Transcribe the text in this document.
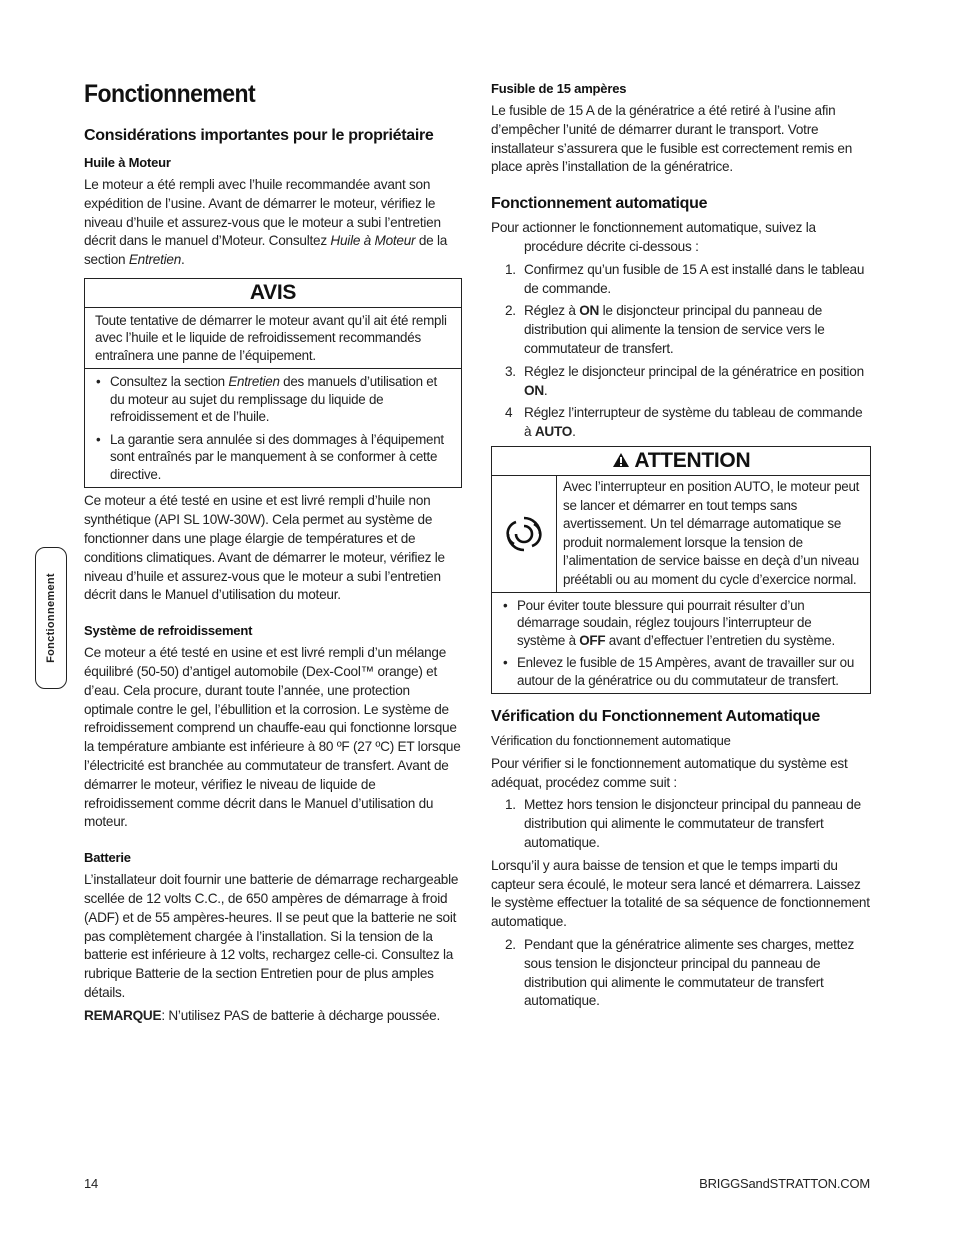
Fonctionnement
Considérations importantes pour le propriétaire
Huile à Moteur

Le moteur a été rempli avec l’huile recommandée avant son expédition de l’usine. Avant de démarrer le moteur, vérifiez le niveau d’huile et assurez-vous que le moteur a subi l’entretien décrit dans le manuel d’Moteur. Consultez Huile à Moteur de la section Entretien.

AVIS
Toute tentative de démarrer le moteur avant qu’il ait été rempli avec l’huile et le liquide de refroidissement recommandés entraînera une panne de l’équipement.
• Consultez la section Entretien des manuels d’utilisation et du moteur au sujet du remplissage du liquide de refroidissement et de l’huile.
• La garantie sera annulée si des dommages à l’équipement sont entraînés par le manquement à se conformer à cette directive.

Ce moteur a été testé en usine et est livré rempli d’huile non synthétique (API SL 10W-30W). Cela permet au système de fonctionner dans une plage élargie de températures et de conditions climatiques. Avant de démarrer le moteur, vérifiez le niveau d’huile et assurez-vous que le moteur a subi l’entretien décrit dans le Manuel d’utilisation du moteur.

Système de refroidissement

Ce moteur a été testé en usine et est livré rempli d’un mélange équilibré (50-50) d’antigel automobile (Dex-Cool™ orange) et d’eau. Cela procure, durant toute l’année, une protection optimale contre le gel, l’ébullition et la corrosion. Le système de refroidissement comprend un chauffe-eau qui fonctionne lorsque la température ambiante est inférieure à 80 ºF (27 ºC) ET lorsque l’électricité est branchée au commutateur de transfert. Avant de démarrer le moteur, vérifiez le niveau de liquide de refroidissement comme décrit dans le Manuel d’utilisation du moteur.

Batterie

L’installateur doit fournir une batterie de démarrage rechargeable scellée de 12 volts C.C., de 650 ampères de démarrage à froid (ADF) et de 55 ampères-heures. Il se peut que la batterie ne soit pas complètement chargée à l’installation. Si la tension de la batterie est inférieure à 12 volts, rechargez celle-ci. Consultez la rubrique Batterie de la section Entretien pour de plus amples détails.

REMARQUE: N’utilisez PAS de batterie à décharge poussée.

Fusible de 15 ampères

Le fusible de 15 A de la génératrice a été retiré à l’usine afin d’empêcher l’unité de démarrer durant le transport. Votre installateur s’assurera que le fusible est correctement remis en place après l’installation de la génératrice.

Fonctionnement automatique

Pour actionner le fonctionnement automatique, suivez la procédure décrite ci-dessous :

1. Confirmez qu’un fusible de 15 A est installé dans le tableau de commande.
2. Réglez à ON le disjoncteur principal du panneau de distribution qui alimente la tension de service vers le commutateur de transfert.
3. Réglez le disjoncteur principal de la génératrice en position ON.
4 Réglez l’interrupteur de système du tableau de commande à AUTO.
ATTENTION
Avec l’interrupteur en position AUTO, le moteur peut se lancer et démarrer en tout temps sans avertissement. Un tel démarrage automatique se produit normalement lorsque la tension de l’alimentation de service baisse en deçà d’un niveau préétabli ou au moment du cycle d’exercice normal.
• Pour éviter toute blessure qui pourrait résulter d’un démarrage soudain, réglez toujours l’interrupteur de système à OFF avant d’effectuer l’entretien du système.
• Enlevez le fusible de 15 Ampères, avant de travailler sur ou autour de la génératrice ou du commutateur de transfert.
Vérification du Fonctionnement Automatique

Vérification du fonctionnement automatique

Pour vérifier si le fonctionnement automatique du système est adéquat, procédez comme suit :

1. Mettez hors tension le disjoncteur principal du panneau de distribution qui alimente le commutateur de transfert automatique.

Lorsqu’il y aura baisse de tension et que le temps imparti du capteur sera écoulé, le moteur sera lancé et démarrera. Laissez le système effectuer la totalité de sa séquence de fonctionnement automatique.

2. Pendant que la génératrice alimente ses charges, mettez sous tension le disjoncteur principal du panneau de distribution qui alimente le commutateur de transfert automatique.
Fonctionnement
14	BRIGGSandSTRATTON.COM
